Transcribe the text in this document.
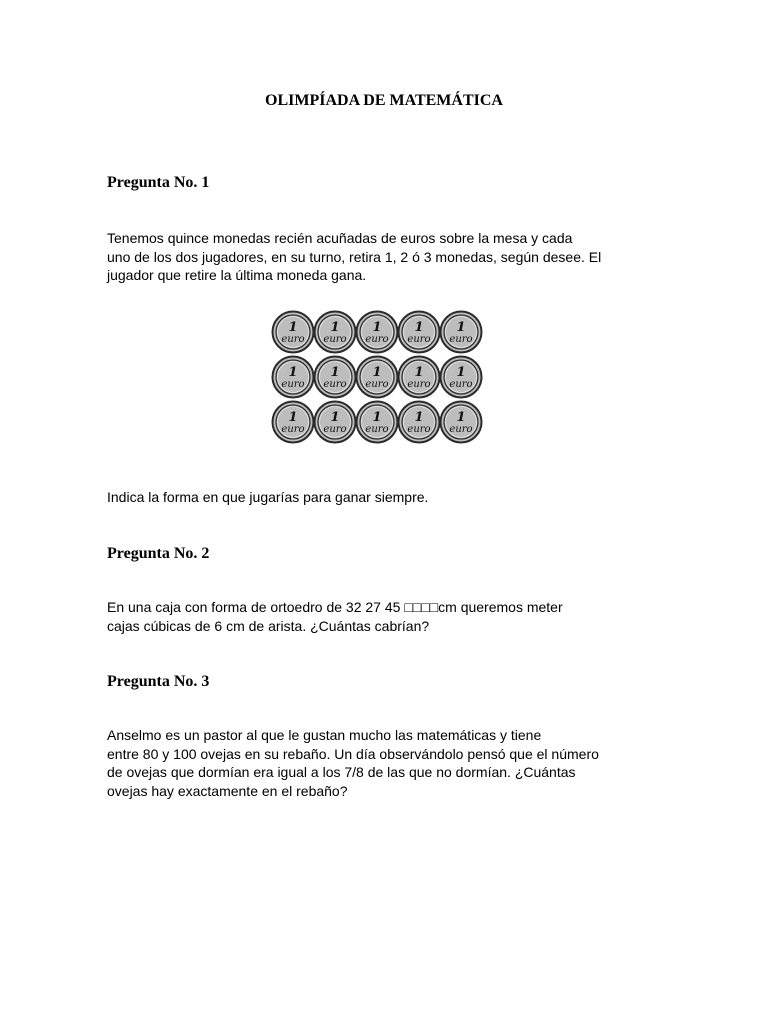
OLIMPÍADA DE MATEMÁTICA
Pregunta No. 1
Tenemos quince monedas recién acuñadas de euros sobre la mesa y cada
uno de los dos jugadores, en su turno, retira 1, 2 ó 3 monedas, según desee. El
jugador que retire la última moneda gana.
1
euro
1
euro
1
euro
1
euro
1
euro
1
euro
1
euro
1
euro
1
euro
1
euro
1
euro
1
euro
1
euro
1
euro
1
euro
Indica la forma en que jugarías para ganar siempre.
Pregunta No. 2
En una caja con forma de ortoedro de 32 27 45 □□□□cm queremos meter
cajas cúbicas de 6 cm de arista. ¿Cuántas cabrían?
Pregunta No. 3
Anselmo es un pastor al que le gustan mucho las matemáticas y tiene
entre 80 y 100 ovejas en su rebaño. Un día observándolo pensó que el número
de ovejas que dormían era igual a los 7/8 de las que no dormían. ¿Cuántas
ovejas hay exactamente en el rebaño?
